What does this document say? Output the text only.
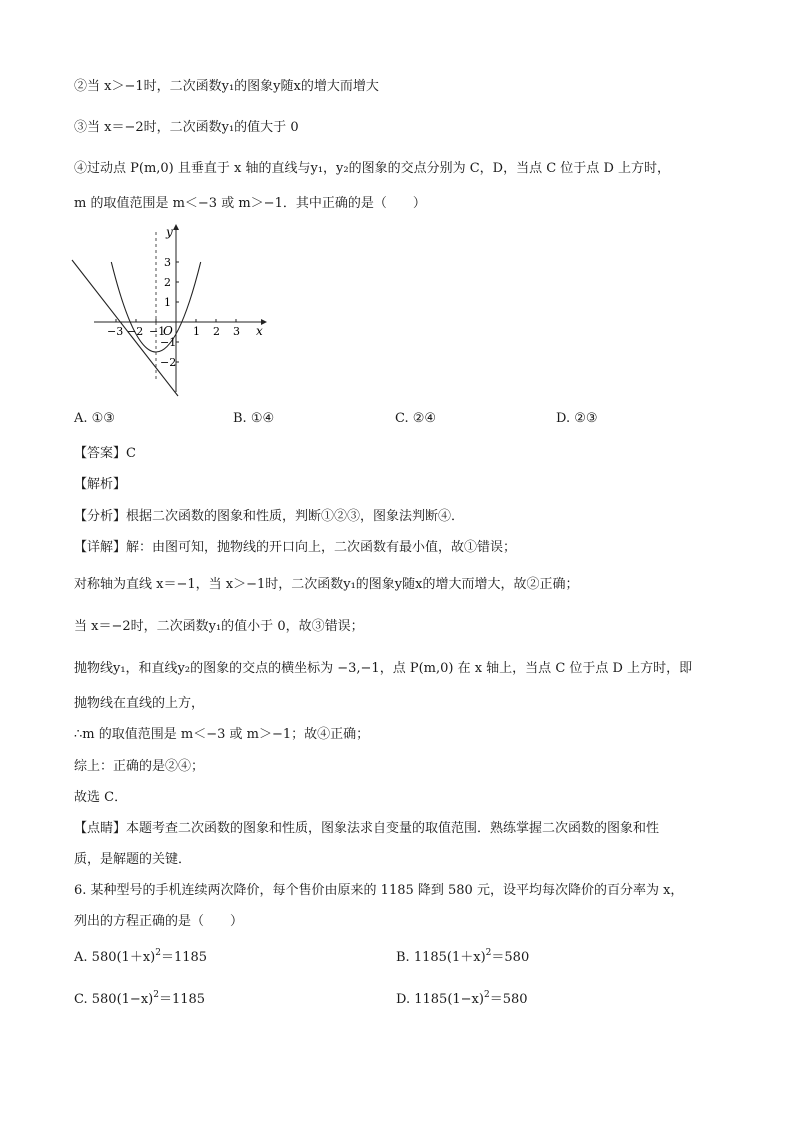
②当 x＞−1时，二次函数y₁的图象y随x的增大而增大
③当 x＝−2时，二次函数y₁的值大于 0
④过动点 P(m,0) 且垂直于 x 轴的直线与y₁，y₂的图象的交点分别为 C，D，当点 C 位于点 D 上方时，
m 的取值范围是 m＜−3 或 m＞−1．其中正确的是（　　）
y
x
O
−3 −2 −1	1 2 3
3
2
1
−1
−2
A. ①③	B. ①④	C. ②④	D. ②③
【答案】C
【解析】
【分析】根据二次函数的图象和性质，判断①②③，图象法判断④．
【详解】解：由图可知，抛物线的开口向上，二次函数有最小值，故①错误；
对称轴为直线 x＝−1，当 x＞−1时，二次函数y₁的图象y随x的增大而增大，故②正确；
当 x＝−2时，二次函数y₁的值小于 0，故③错误；
抛物线y₁，和直线y₂的图象的交点的横坐标为 −3,−1，点 P(m,0) 在 x 轴上，当点 C 位于点 D 上方时，即
抛物线在直线的上方，
∴m 的取值范围是 m＜−3 或 m＞−1；故④正确；
综上：正确的是②④；
故选 C．
【点睛】本题考查二次函数的图象和性质，图象法求自变量的取值范围．熟练掌握二次函数的图象和性
质，是解题的关键．
6. 某种型号的手机连续两次降价，每个售价由原来的 1185 降到 580 元，设平均每次降价的百分率为 x，
列出的方程正确的是（　　）
A. $580(1+x)^2=1185$	B. $1185(1+x)^2=580$
C. $580(1-x)^2=1185$	D. $1185(1-x)^2=580$
